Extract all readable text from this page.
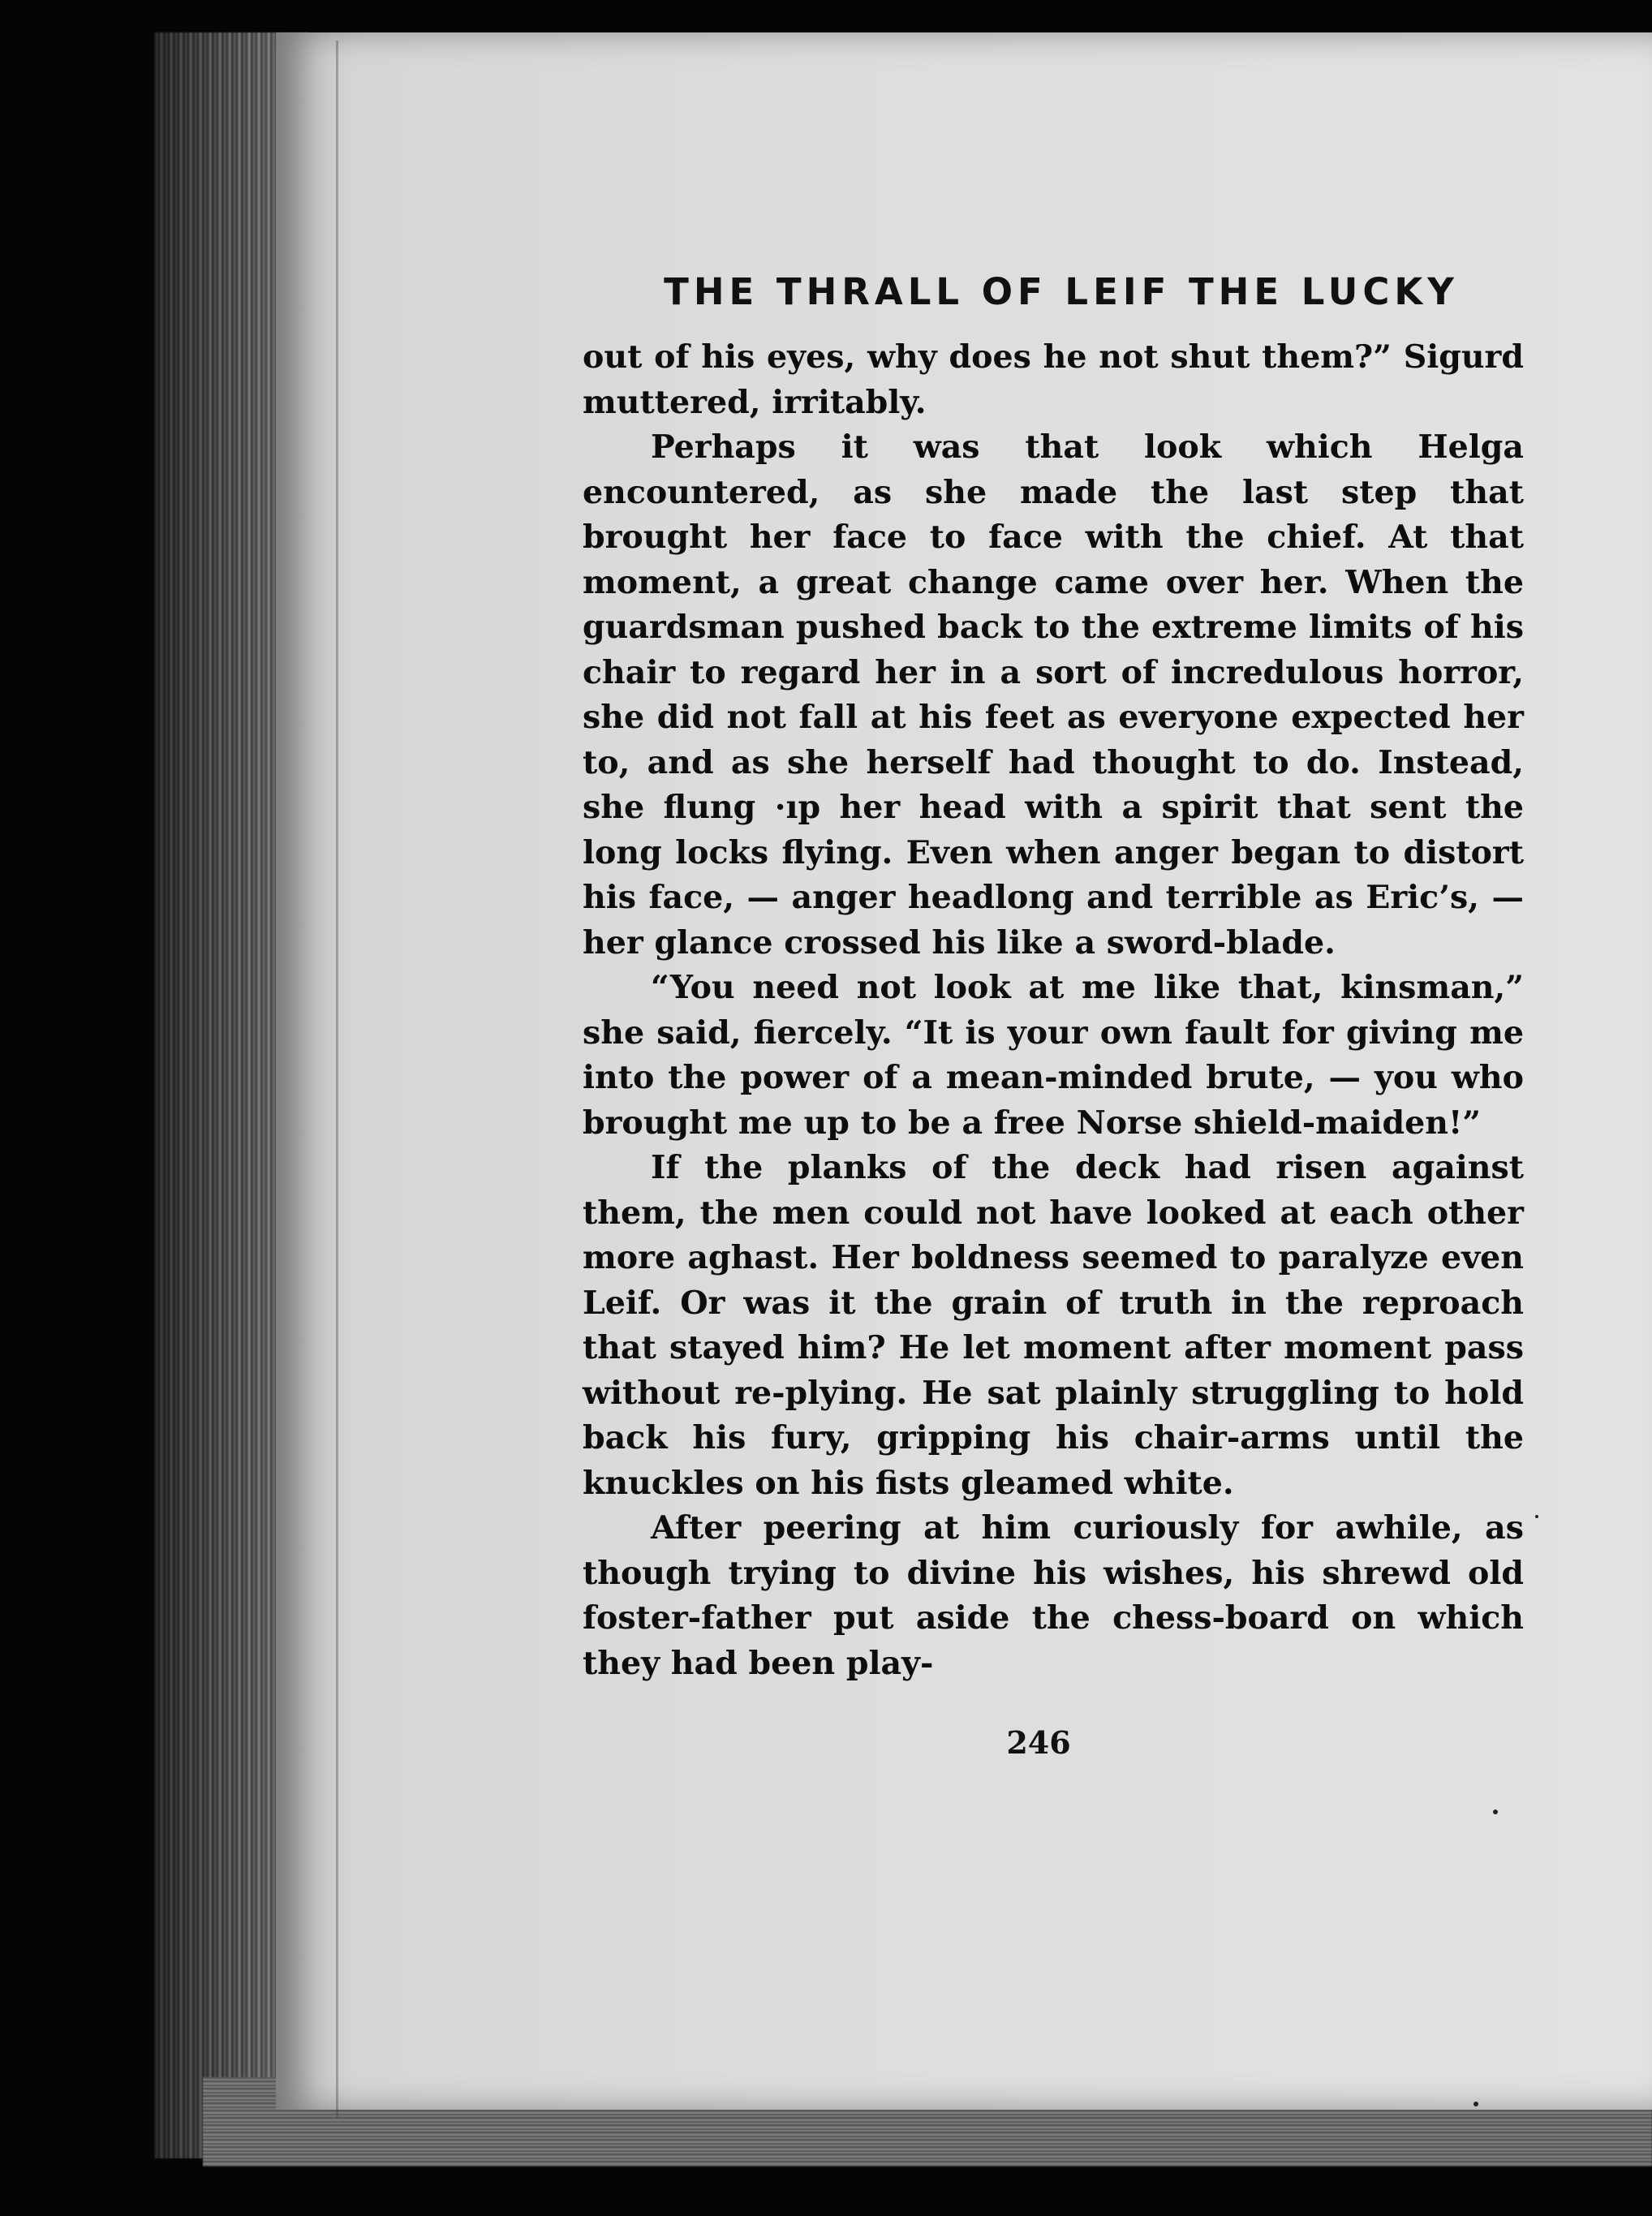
THE THRALL OF LEIF THE LUCKY

out of his eyes, why does he not shut them?” Sigurd muttered, irritably.

Perhaps it was that look which Helga encountered, as she made the last step that brought her face to face with the chief. At that moment, a great change came over her. When the guardsman pushed back to the extreme limits of his chair to regard her in a sort of incredulous horror, she did not fall at his feet as everyone expected her to, and as she herself had thought to do. Instead, she flung ·ıp her head with a spirit that sent the long locks flying. Even when anger began to distort his face, — anger headlong and terrible as Eric’s, — her glance crossed his like a sword-blade.

“You need not look at me like that, kinsman,” she said, fiercely. “It is your own fault for giving me into the power of a mean-minded brute, — you who brought me up to be a free Norse shield-maiden!”

If the planks of the deck had risen against them, the men could not have looked at each other more aghast. Her boldness seemed to paralyze even Leif. Or was it the grain of truth in the reproach that stayed him? He let moment after moment pass without re-plying. He sat plainly struggling to hold back his fury, gripping his chair-arms until the knuckles on his fists gleamed white.

After peering at him curiously for awhile, as though trying to divine his wishes, his shrewd old foster-father put aside the chess-board on which they had been play-

246
